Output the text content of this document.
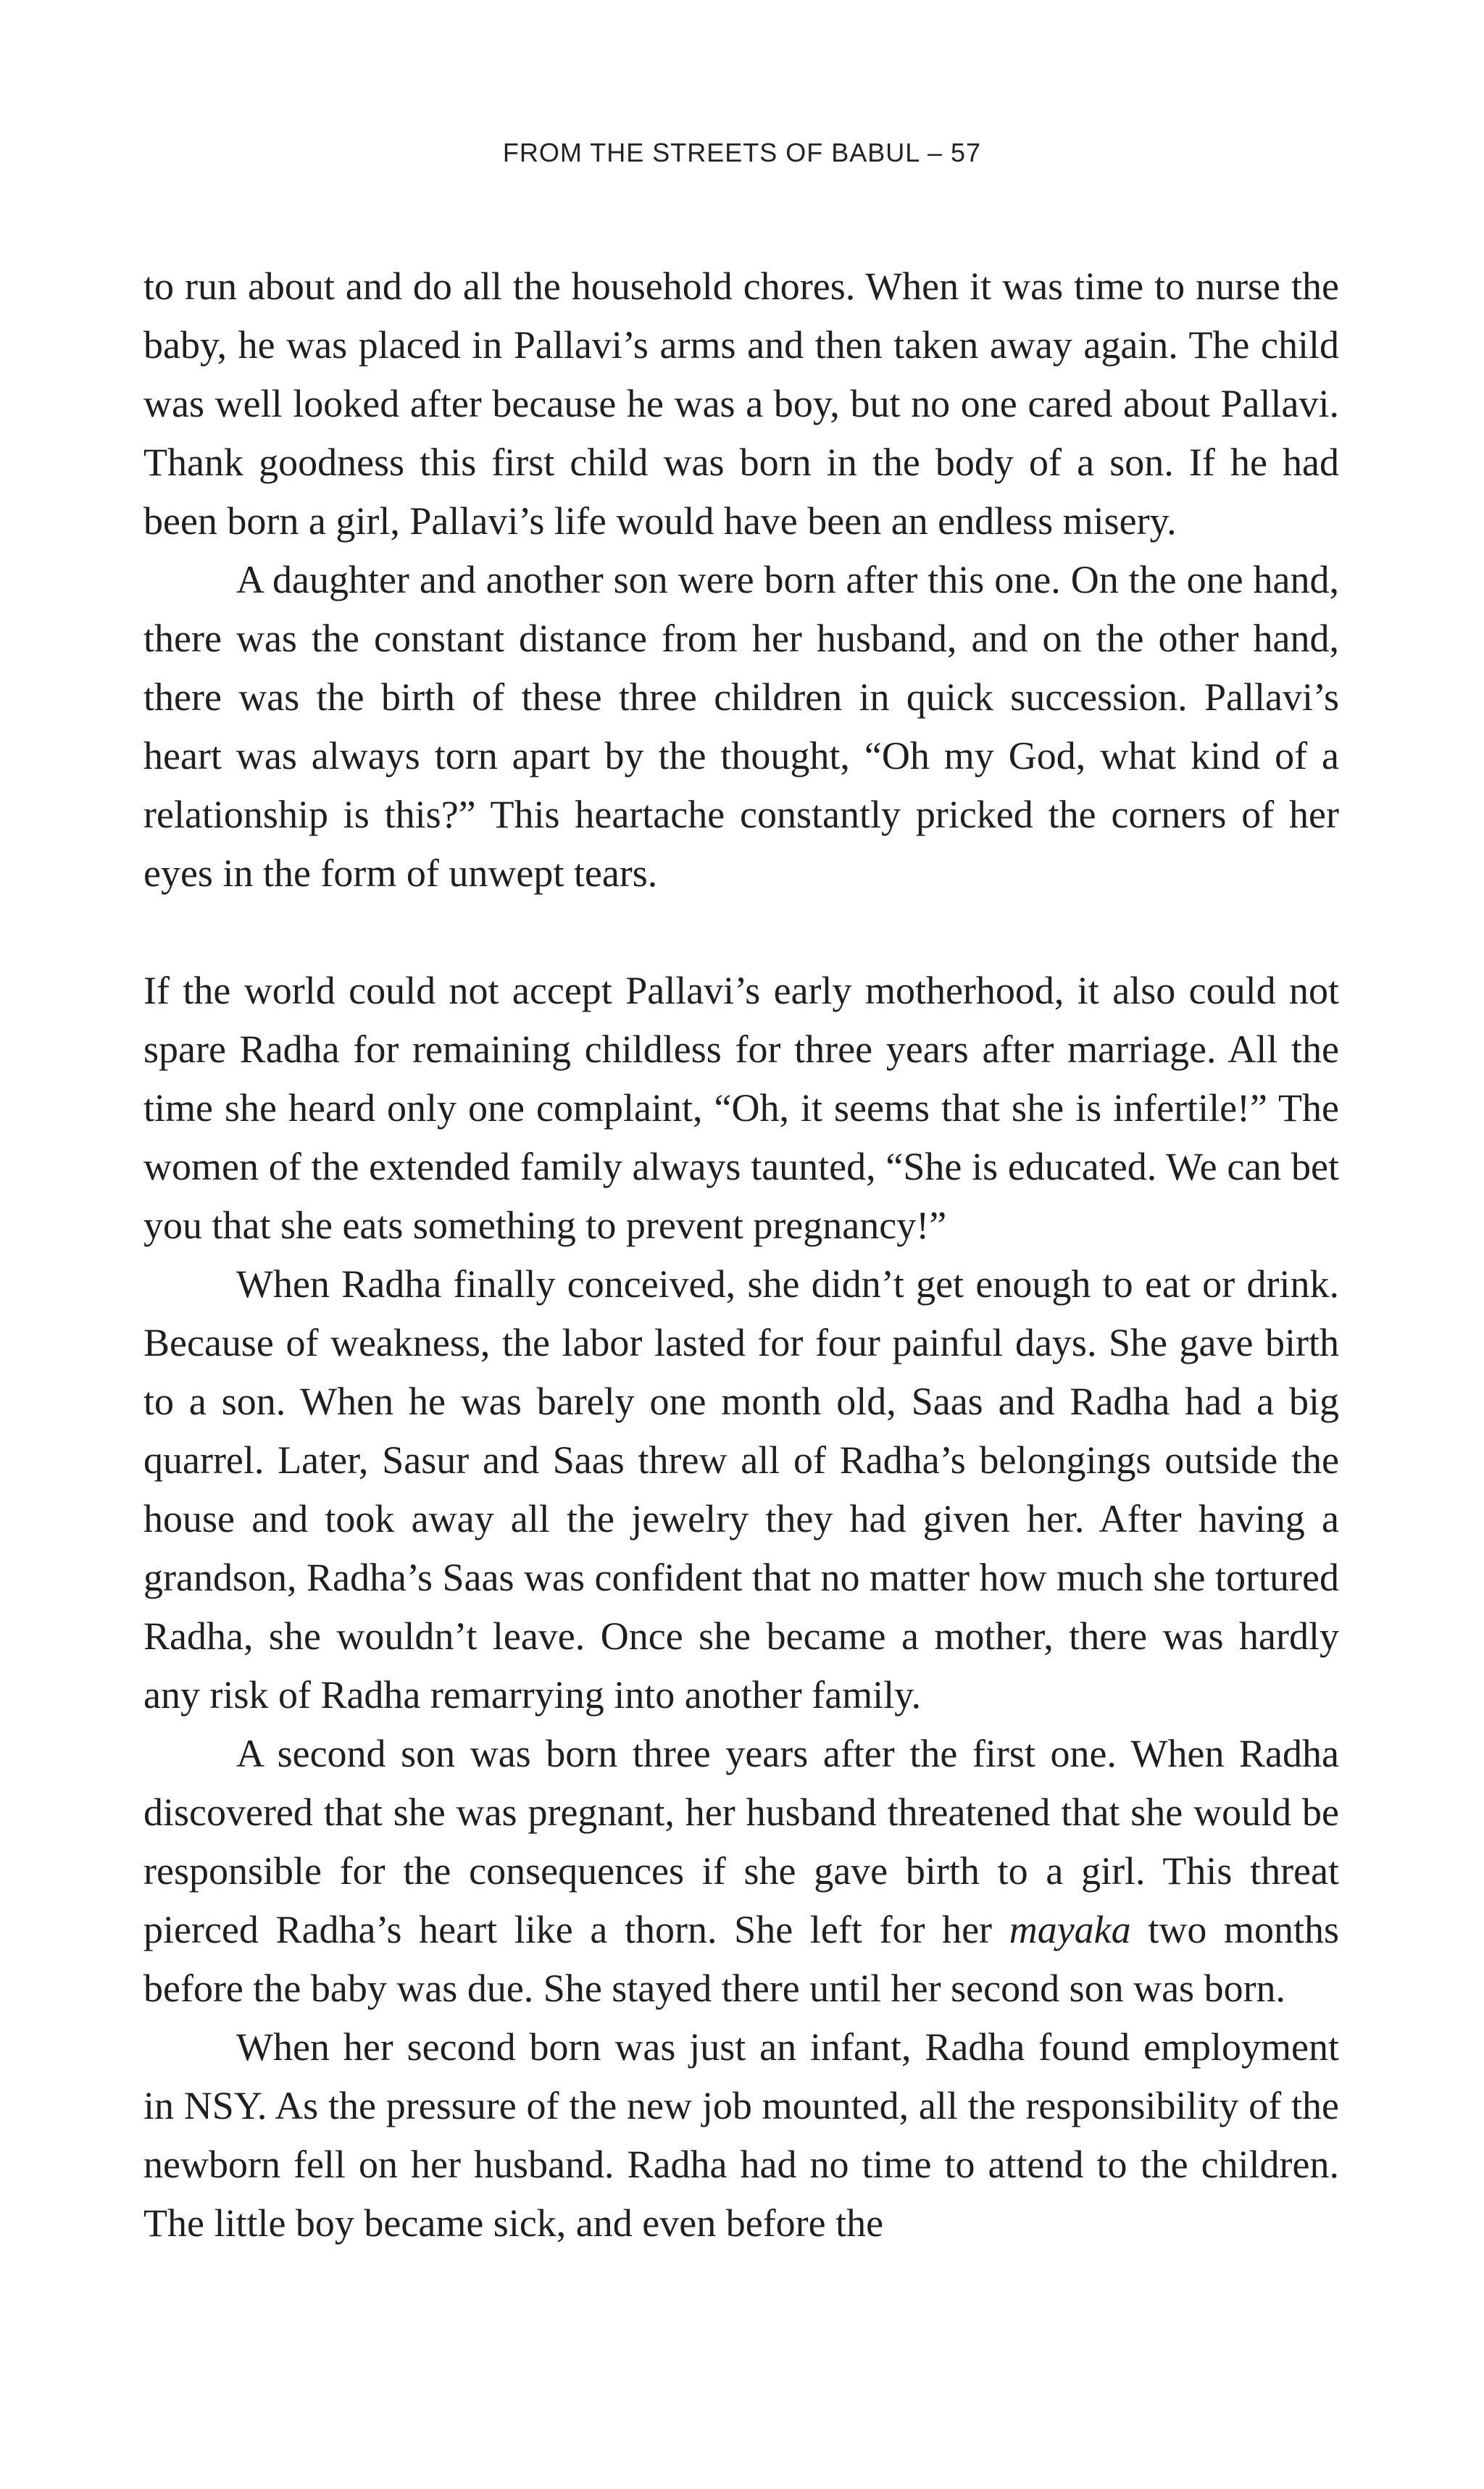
FROM THE STREETS OF BABUL – 57

to run about and do all the household chores. When it was time to nurse the baby, he was placed in Pallavi’s arms and then taken away again. The child was well looked after because he was a boy, but no one cared about Pallavi. Thank goodness this first child was born in the body of a son. If he had been born a girl, Pallavi’s life would have been an endless misery.

A daughter and another son were born after this one. On the one hand, there was the constant distance from her husband, and on the other hand, there was the birth of these three children in quick succession. Pallavi’s heart was always torn apart by the thought, “Oh my God, what kind of a relationship is this?” This heartache constantly pricked the corners of her eyes in the form of unwept tears.

If the world could not accept Pallavi’s early motherhood, it also could not spare Radha for remaining childless for three years after marriage. All the time she heard only one complaint, “Oh, it seems that she is infertile!” The women of the extended family always taunted, “She is educated. We can bet you that she eats something to prevent pregnancy!”

When Radha finally conceived, she didn’t get enough to eat or drink. Because of weakness, the labor lasted for four painful days. She gave birth to a son. When he was barely one month old, Saas and Radha had a big quarrel. Later, Sasur and Saas threw all of Radha’s belongings outside the house and took away all the jewelry they had given her. After having a grandson, Radha’s Saas was confident that no matter how much she tortured Radha, she wouldn’t leave. Once she became a mother, there was hardly any risk of Radha remarrying into another family.

A second son was born three years after the first one. When Radha discovered that she was pregnant, her husband threatened that she would be responsible for the consequences if she gave birth to a girl. This threat pierced Radha’s heart like a thorn. She left for her mayaka two months before the baby was due. She stayed there until her second son was born.

When her second born was just an infant, Radha found employment in NSY. As the pressure of the new job mounted, all the responsibility of the newborn fell on her husband. Radha had no time to attend to the children. The little boy became sick, and even before the
